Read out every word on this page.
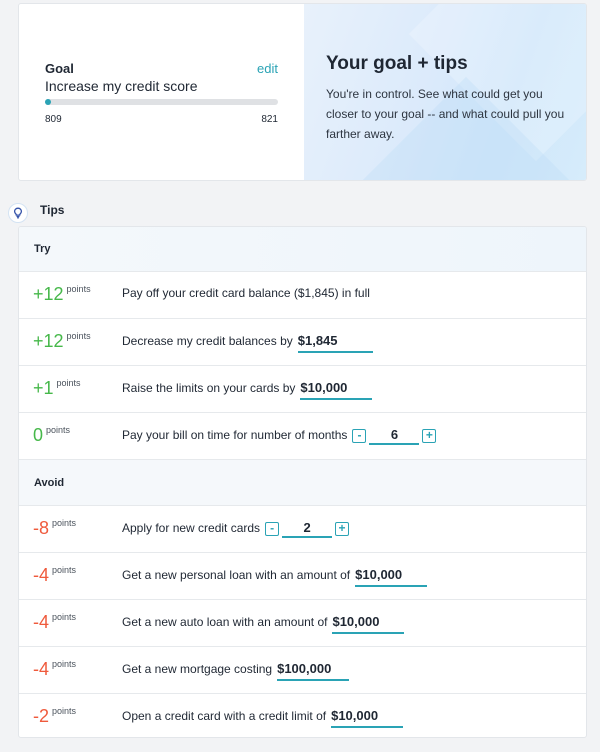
Goal	edit
Increase my credit score
809	821
Your goal + tips
You're in control. See what could get you closer to your goal -- and what could pull you farther away.
Tips
Try
+12 points	Pay off your credit card balance ($1,845) in full
+12 points	Decrease my credit balances by $1,845
+1 points	Raise the limits on your cards by $10,000
0 points	Pay your bill on time for number of months -	6	+
Avoid
-8 points	Apply for new credit cards -	2	+
-4 points	Get a new personal loan with an amount of $10,000
-4 points	Get a new auto loan with an amount of $10,000
-4 points	Get a new mortgage costing $100,000
-2 points	Open a credit card with a credit limit of $10,000
